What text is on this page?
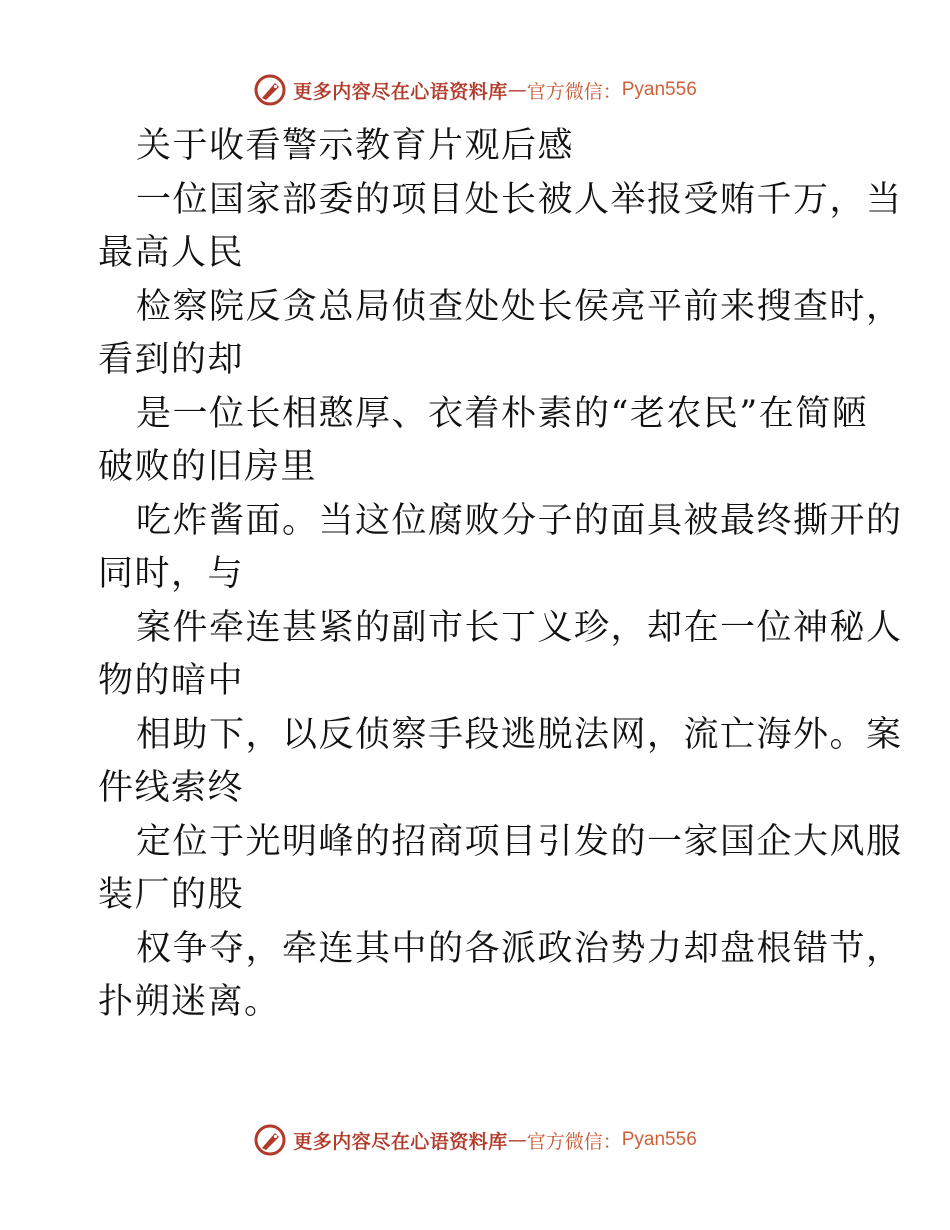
更多内容尽在心语资料库 — 官方微信： Pyan556
关于收看警示教育片观后感
一位国家部委的项目处长被人举报受贿千万，当
最高人民
检察院反贪总局侦查处处长侯亮平前来搜查时，
看到的却
是一位长相憨厚、衣着朴素的“老农民”在简陋
破败的旧房里
吃炸酱面。当这位腐败分子的面具被最终撕开的
同时，与
案件牵连甚紧的副市长丁义珍，却在一位神秘人
物的暗中
相助下，以反侦察手段逃脱法网，流亡海外。案
件线索终
定位于光明峰的招商项目引发的一家国企大风服
装厂的股
权争夺，牵连其中的各派政治势力却盘根错节，
扑朔迷离。
更多内容尽在心语资料库 — 官方微信： Pyan556
